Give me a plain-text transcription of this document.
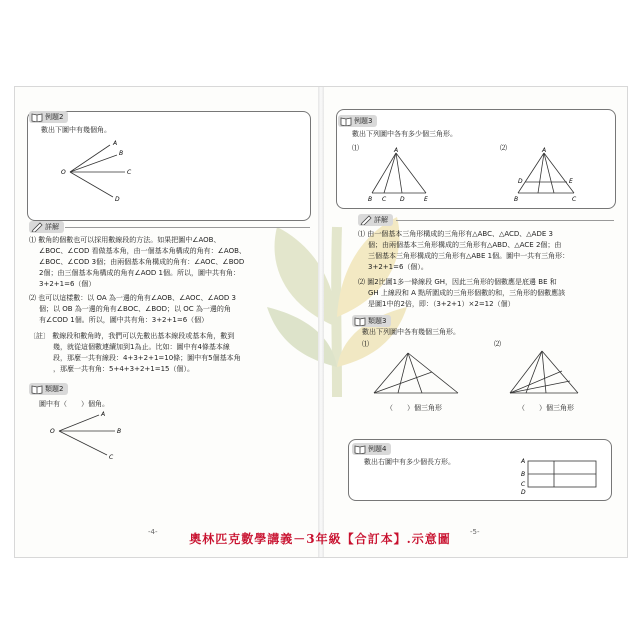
例題2
數出下圖中有幾個角。
A
B
C
O
D
詳解
⑴ 數角的個數也可以採用數線段的方法。如果把圖中∠AOB、
∠BOC、∠COD 看做基本角，由一個基本角構成的角有：∠AOB、
∠BOC、∠COD 3個；由兩個基本角構成的角有：∠AOC、∠BOD
2個；由三個基本角構成的角有∠AOD 1個。所以，圖中共有角：
3+2+1=6（個）
⑵ 也可以這樣數：以 OA 為一邊的角有∠AOB、∠AOC、∠AOD 3
個；以 OB 為一邊的角有∠BOC、∠BOD；以 OC 為一邊的角
有∠COD 1個。所以，圖中共有角：3+2+1=6（個）
〔註〕 數線段和數角時，我們可以先數出基本線段或基本角，數到
幾，就從這個數連續加到1為止。比如：圖中有4條基本線
段，那麼一共有線段：4+3+2+1=10條；圖中有5個基本角
，那麼一共有角：5+4+3+2+1=15（個）。
類題2
圖中有（　　）個角。
A
O	B
C
例題3
數出下列圖中各有多少個三角形。
⑴	A
B C D	E
⑵	A
D	E
B	C
詳解
⑴ 由一個基本三角形構成的三角形有△ABC、△ACD、△ADE 3
個；由兩個基本三角形構成的三角形有△ABD、△ACE 2個；由
三個基本三角形構成的三角形有△ABE 1個。圖中一共有三角形：
3+2+1=6（個）。
⑵ 圖2比圖1多一條線段 GH，因此三角形的個數應是底邊 BE 和
GH 上線段和 A 點所圍成的三角形個數的和，三角形的個數應該
是圖1中的2倍，即：（3+2+1）×2=12（個）
類題3
數出下列圖中各有幾個三角形。
⑴	⑵
（　　）個三角形	（　　）個三角形
例題4
數出右圖中有多少個長方形。	A
B
C
D
-4-	-5-
奧林匹克數學講義－3年級【合訂本】.示意圖
